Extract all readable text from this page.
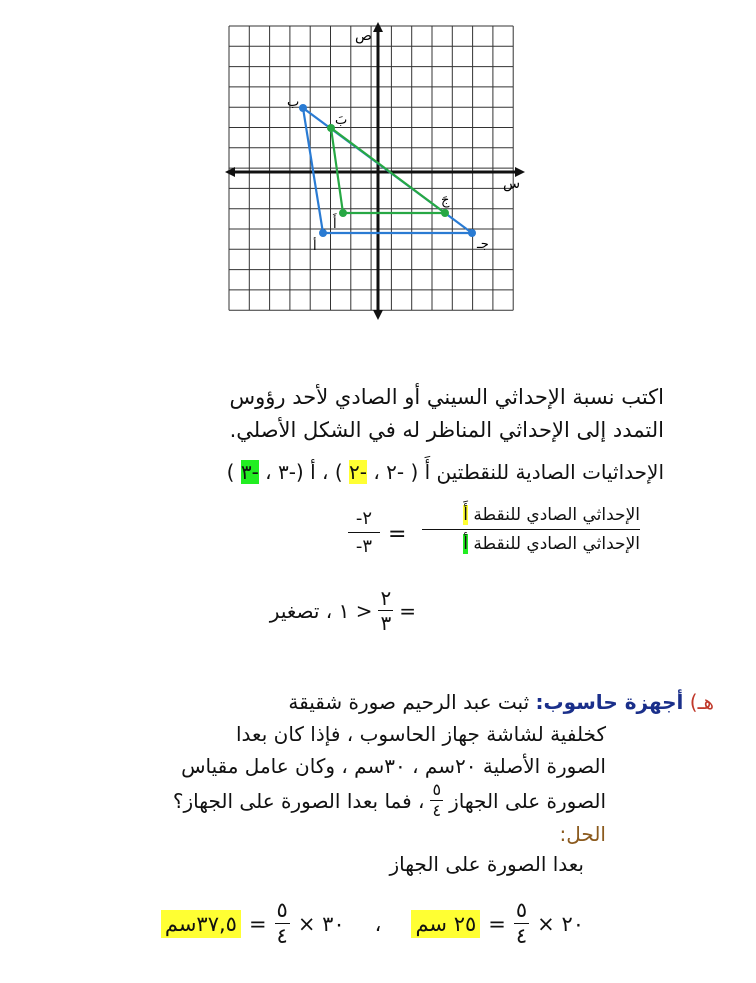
ص
س
ب
بَ
أ
أَ
جـ
جَ
اكتب نسبة الإحداثي السيني أو الصادي لأحد رؤوس
التمدد إلى الإحداثي المناظر له في الشكل الأصلي.
الإحداثيات الصادية للنقطتين أَ ( -٢ ، -٢ ) ، أ (-٣ ، -٣ )
الإحداثي الصادي للنقطة أَ
الإحداثي الصادي للنقطة أ
=
-٢
-٣
=
٢
٣
< ١ ، تصغير
هـ) أجهزة حاسوب: ثبت عبد الرحيم صورة شقيقة
كخلفية لشاشة جهاز الحاسوب ، فإذا كان بعدا
الصورة الأصلية ٢٠سم ، ٣٠سم ، وكان عامل مقياس
الصورة على الجهاز
٥
٤
، فما بعدا الصورة على الجهاز؟
الحل:
بعدا الصورة على الجهاز
٢٠ ×
٥
٤
=
٢٥ سم
،
٣٠ ×
٥
٤
=
٣٧,٥سم
